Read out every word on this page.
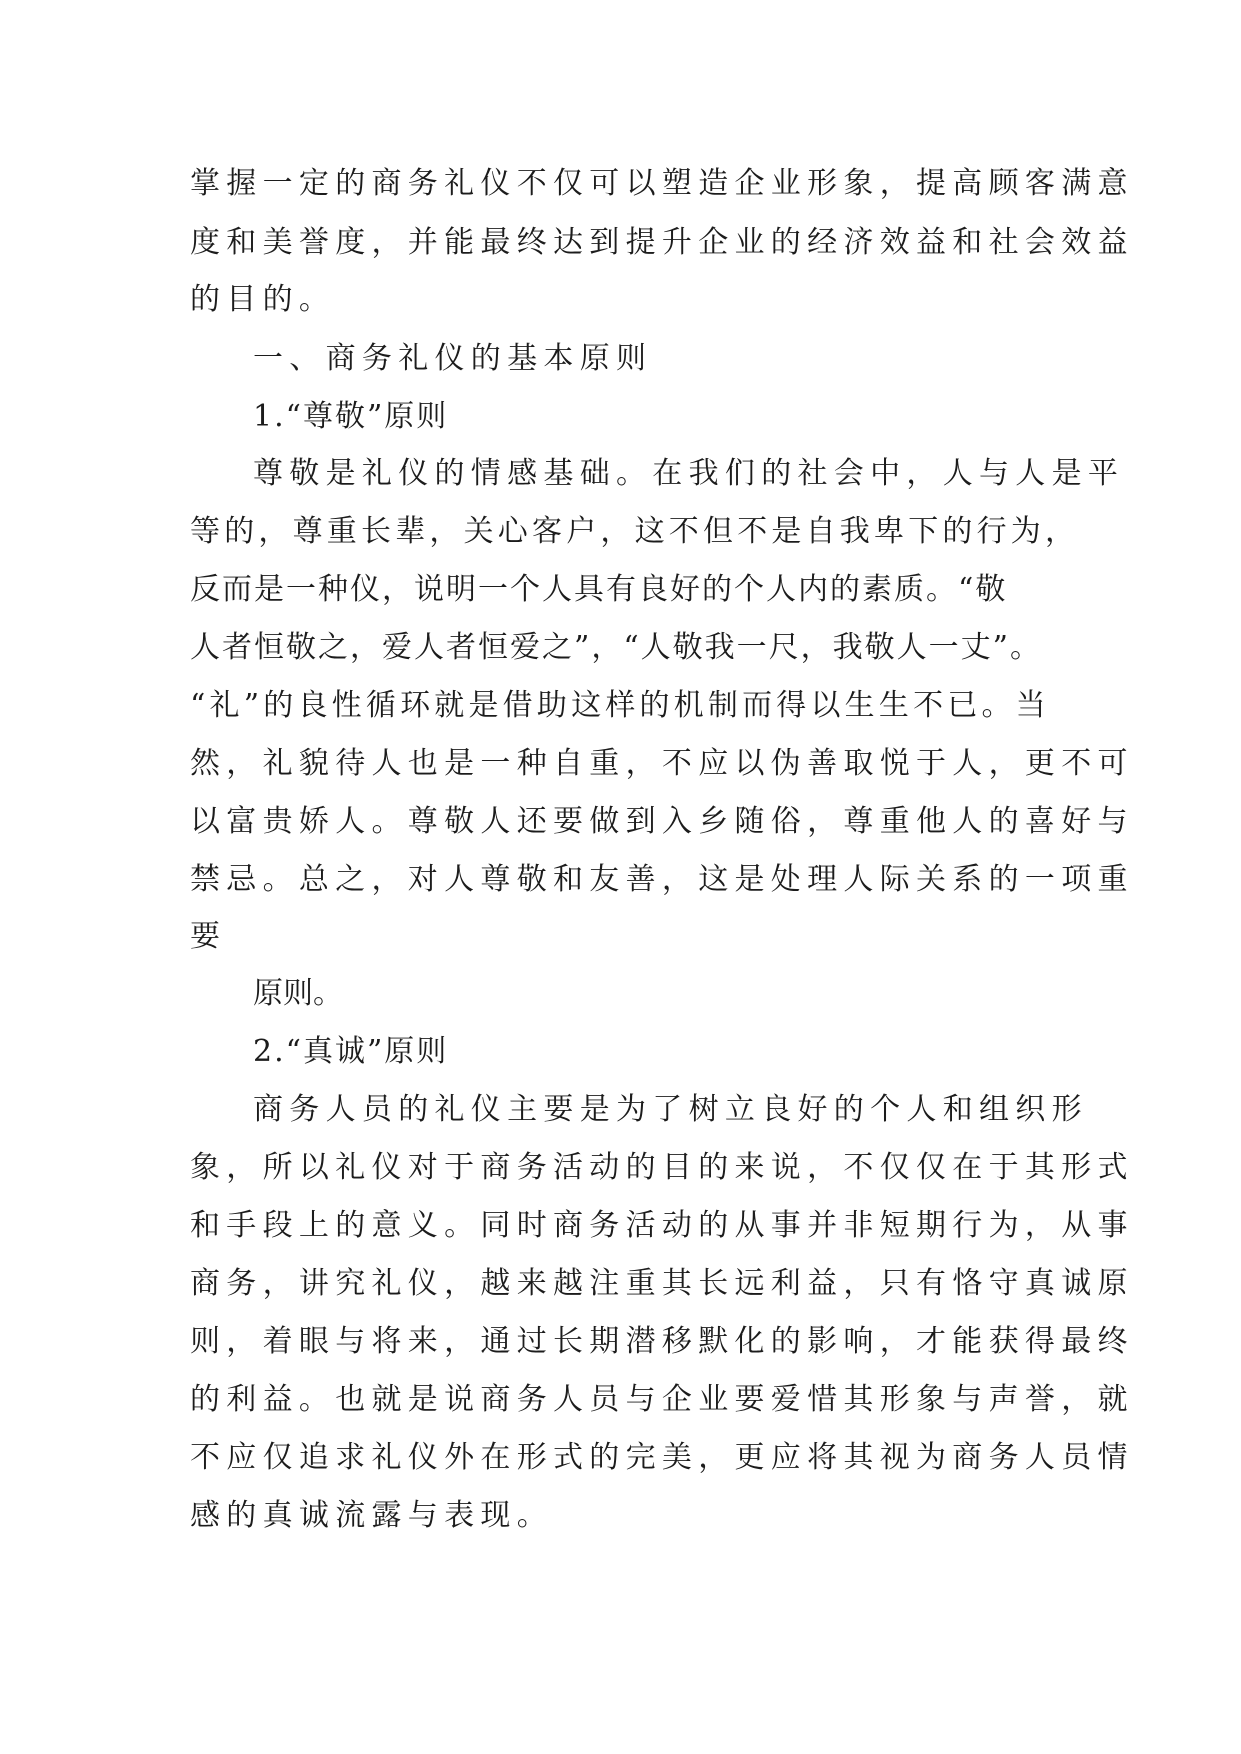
掌握一定的商务礼仪不仅可以塑造企业形象，提高顾客满意

度和美誉度，并能最终达到提升企业的经济效益和社会效益

的目的。

一、商务礼仪的基本原则

1.“尊敬”原则

尊敬是礼仪的情感基础。在我们的社会中，人与人是平

等的，尊重长辈，关心客户，这不但不是自我卑下的行为，

反而是一种仪，说明一个人具有良好的个人内的素质。“敬

人者恒敬之，爱人者恒爱之”，“人敬我一尺，我敬人一丈”。

“礼”的良性循环就是借助这样的机制而得以生生不已。当

然，礼貌待人也是一种自重，不应以伪善取悦于人，更不可

以富贵娇人。尊敬人还要做到入乡随俗，尊重他人的喜好与

禁忌。总之，对人尊敬和友善，这是处理人际关系的一项重

要

原则。

2.“真诚”原则

商务人员的礼仪主要是为了树立良好的个人和组织形

象，所以礼仪对于商务活动的目的来说，不仅仅在于其形式

和手段上的意义。同时商务活动的从事并非短期行为，从事

商务，讲究礼仪，越来越注重其长远利益，只有恪守真诚原

则，着眼与将来，通过长期潜移默化的影响，才能获得最终

的利益。也就是说商务人员与企业要爱惜其形象与声誉，就

不应仅追求礼仪外在形式的完美，更应将其视为商务人员情

感的真诚流露与表现。
